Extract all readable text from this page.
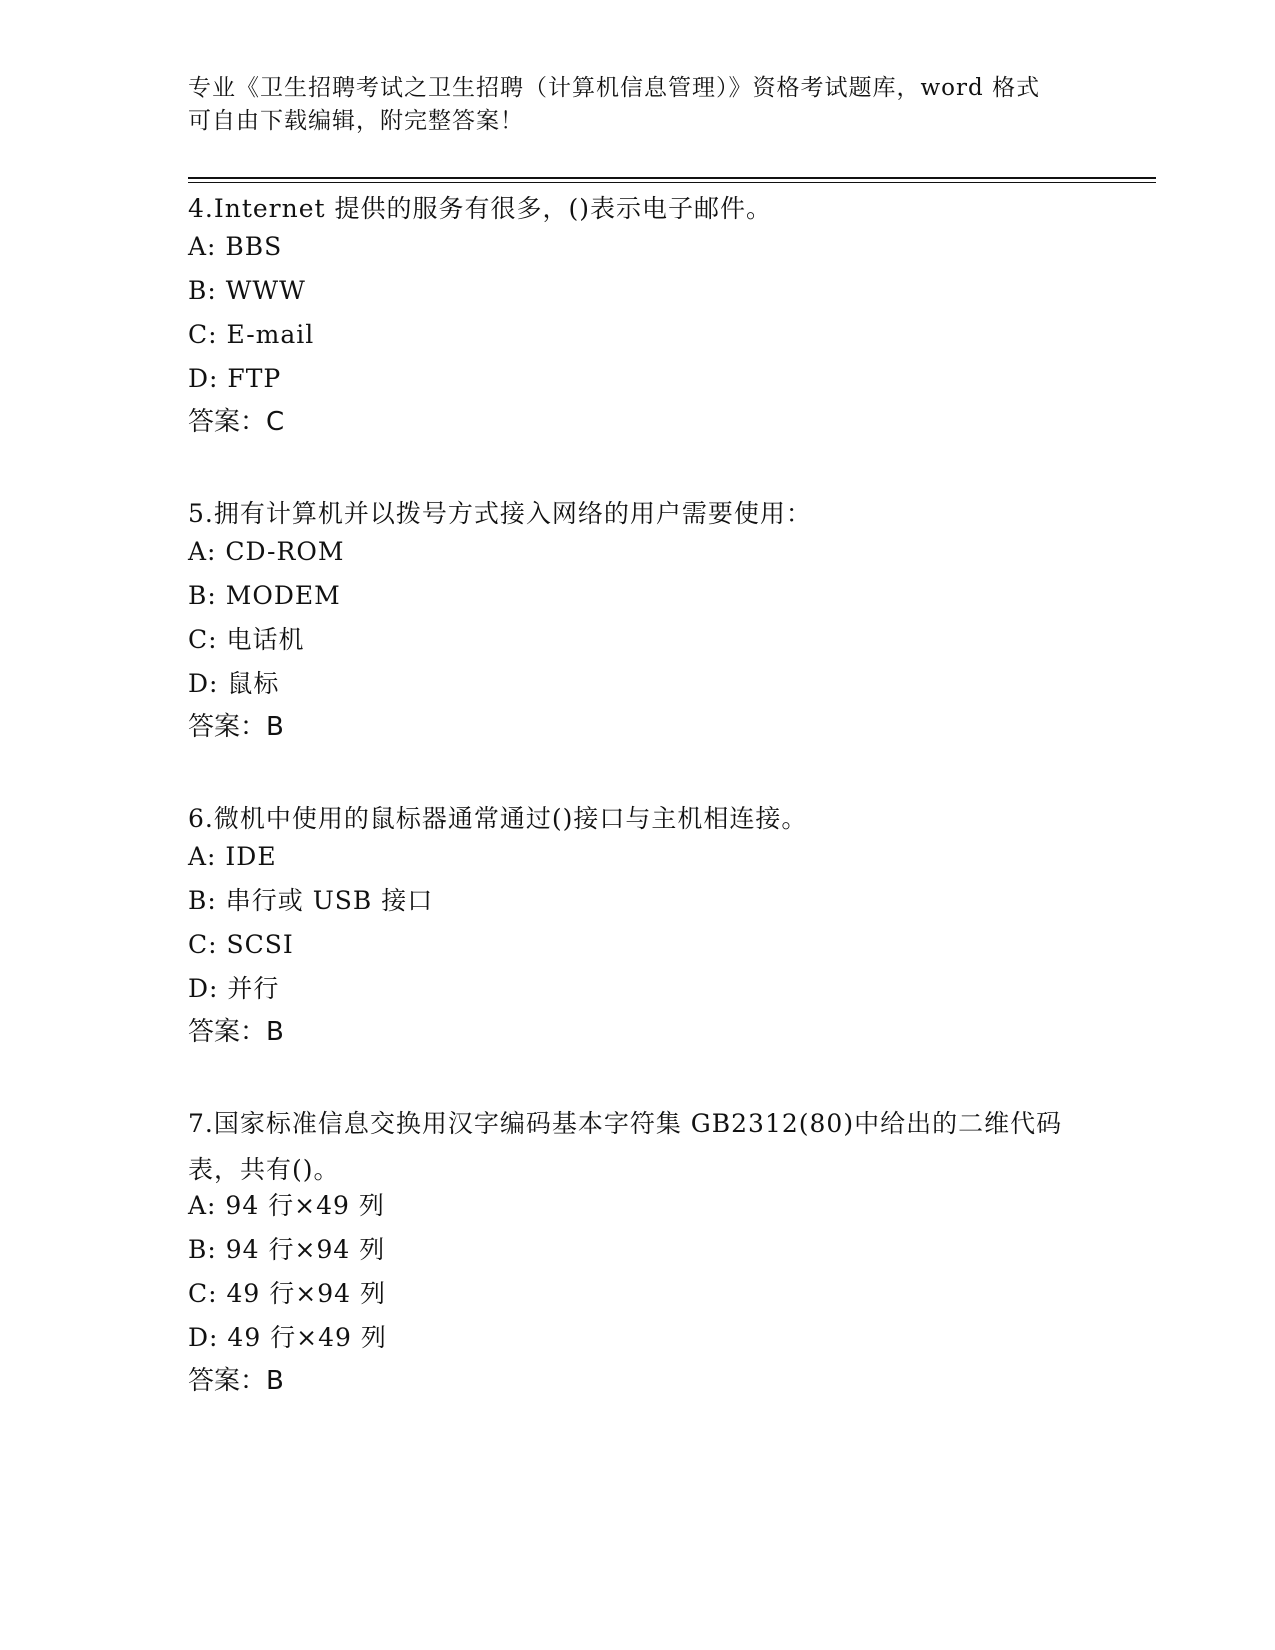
专业《卫生招聘考试之卫生招聘（计算机信息管理）》资格考试题库，word 格式
可自由下载编辑，附完整答案！
4.Internet 提供的服务有很多，()表示电子邮件。
A: BBS
B: WWW
C: E-mail
D: FTP
答案：C
5.拥有计算机并以拨号方式接入网络的用户需要使用：
A: CD-ROM
B: MODEM
C: 电话机
D: 鼠标
答案：B
6.微机中使用的鼠标器通常通过()接口与主机相连接。
A: IDE
B: 串行或 USB 接口
C: SCSI
D: 并行
答案：B
7.国家标准信息交换用汉字编码基本字符集 GB2312(80)中给出的二维代码表，共有()。
A: 94 行×49 列
B: 94 行×94 列
C: 49 行×94 列
D: 49 行×49 列
答案：B
